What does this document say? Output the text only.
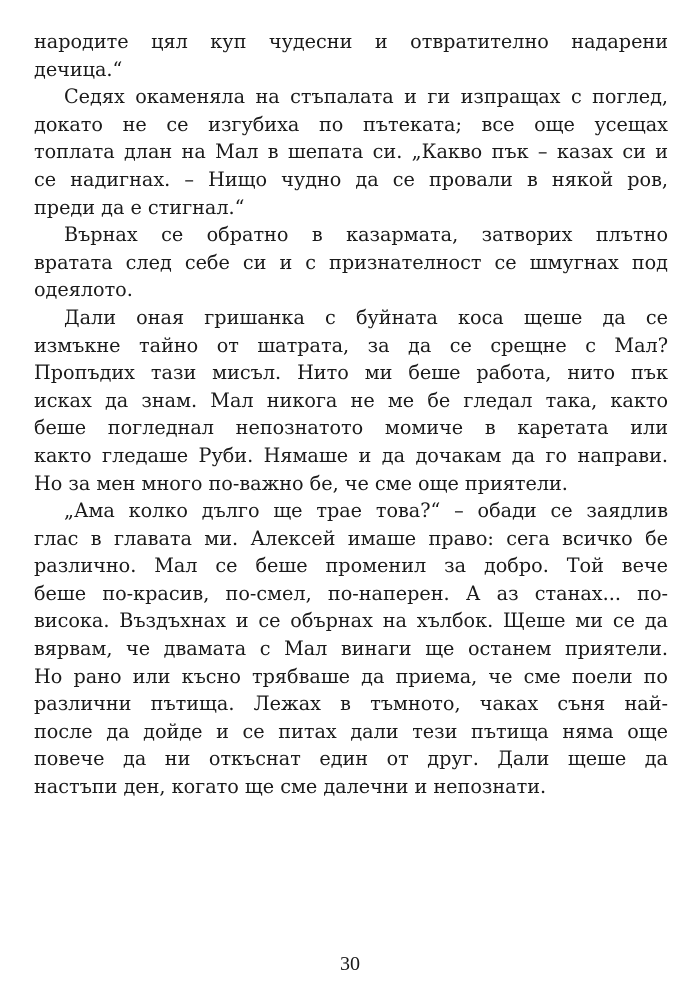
народите цял куп чудесни и отвратително надарени
дечица.“
Седях окаменяла на стъпалата и ги изпращах с поглед,
докато не се изгубиха по пътеката; все още усещах
топлата длан на Мал в шепата си. „Какво пък – казах си и
се надигнах. – Нищо чудно да се провали в някой ров,
преди да е стигнал.“
Върнах се обратно в казармата, затворих плътно
вратата след себе си и с признателност се шмугнах под
одеялото.
Дали оная гришанка с буйната коса щеше да се
измъкне тайно от шатрата, за да се срещне с Мал?
Пропъдих тази мисъл. Нито ми беше работа, нито пък
исках да знам. Мал никога не ме бе гледал така, както
беше погледнал непознатото момиче в каретата или
както гледаше Руби. Нямаше и да дочакам да го направи.
Но за мен много по-важно бе, че сме още приятели.
„Ама колко дълго ще трае това?“ – обади се заядлив
глас в главата ми. Алексей имаше право: сега всичко бе
различно. Мал се беше променил за добро. Той вече
беше по-красив, по-смел, по-наперен. А аз станах... по-
висока. Въздъхнах и се обърнах на хълбок. Щеше ми се да
вярвам, че двамата с Мал винаги ще останем приятели.
Но рано или късно трябваше да приема, че сме поели по
различни пътища. Лежах в тъмното, чаках съня най-
после да дойде и се питах дали тези пътища няма още
повече да ни откъснат един от друг. Дали щеше да
настъпи ден, когато ще сме далечни и непознати.
30
